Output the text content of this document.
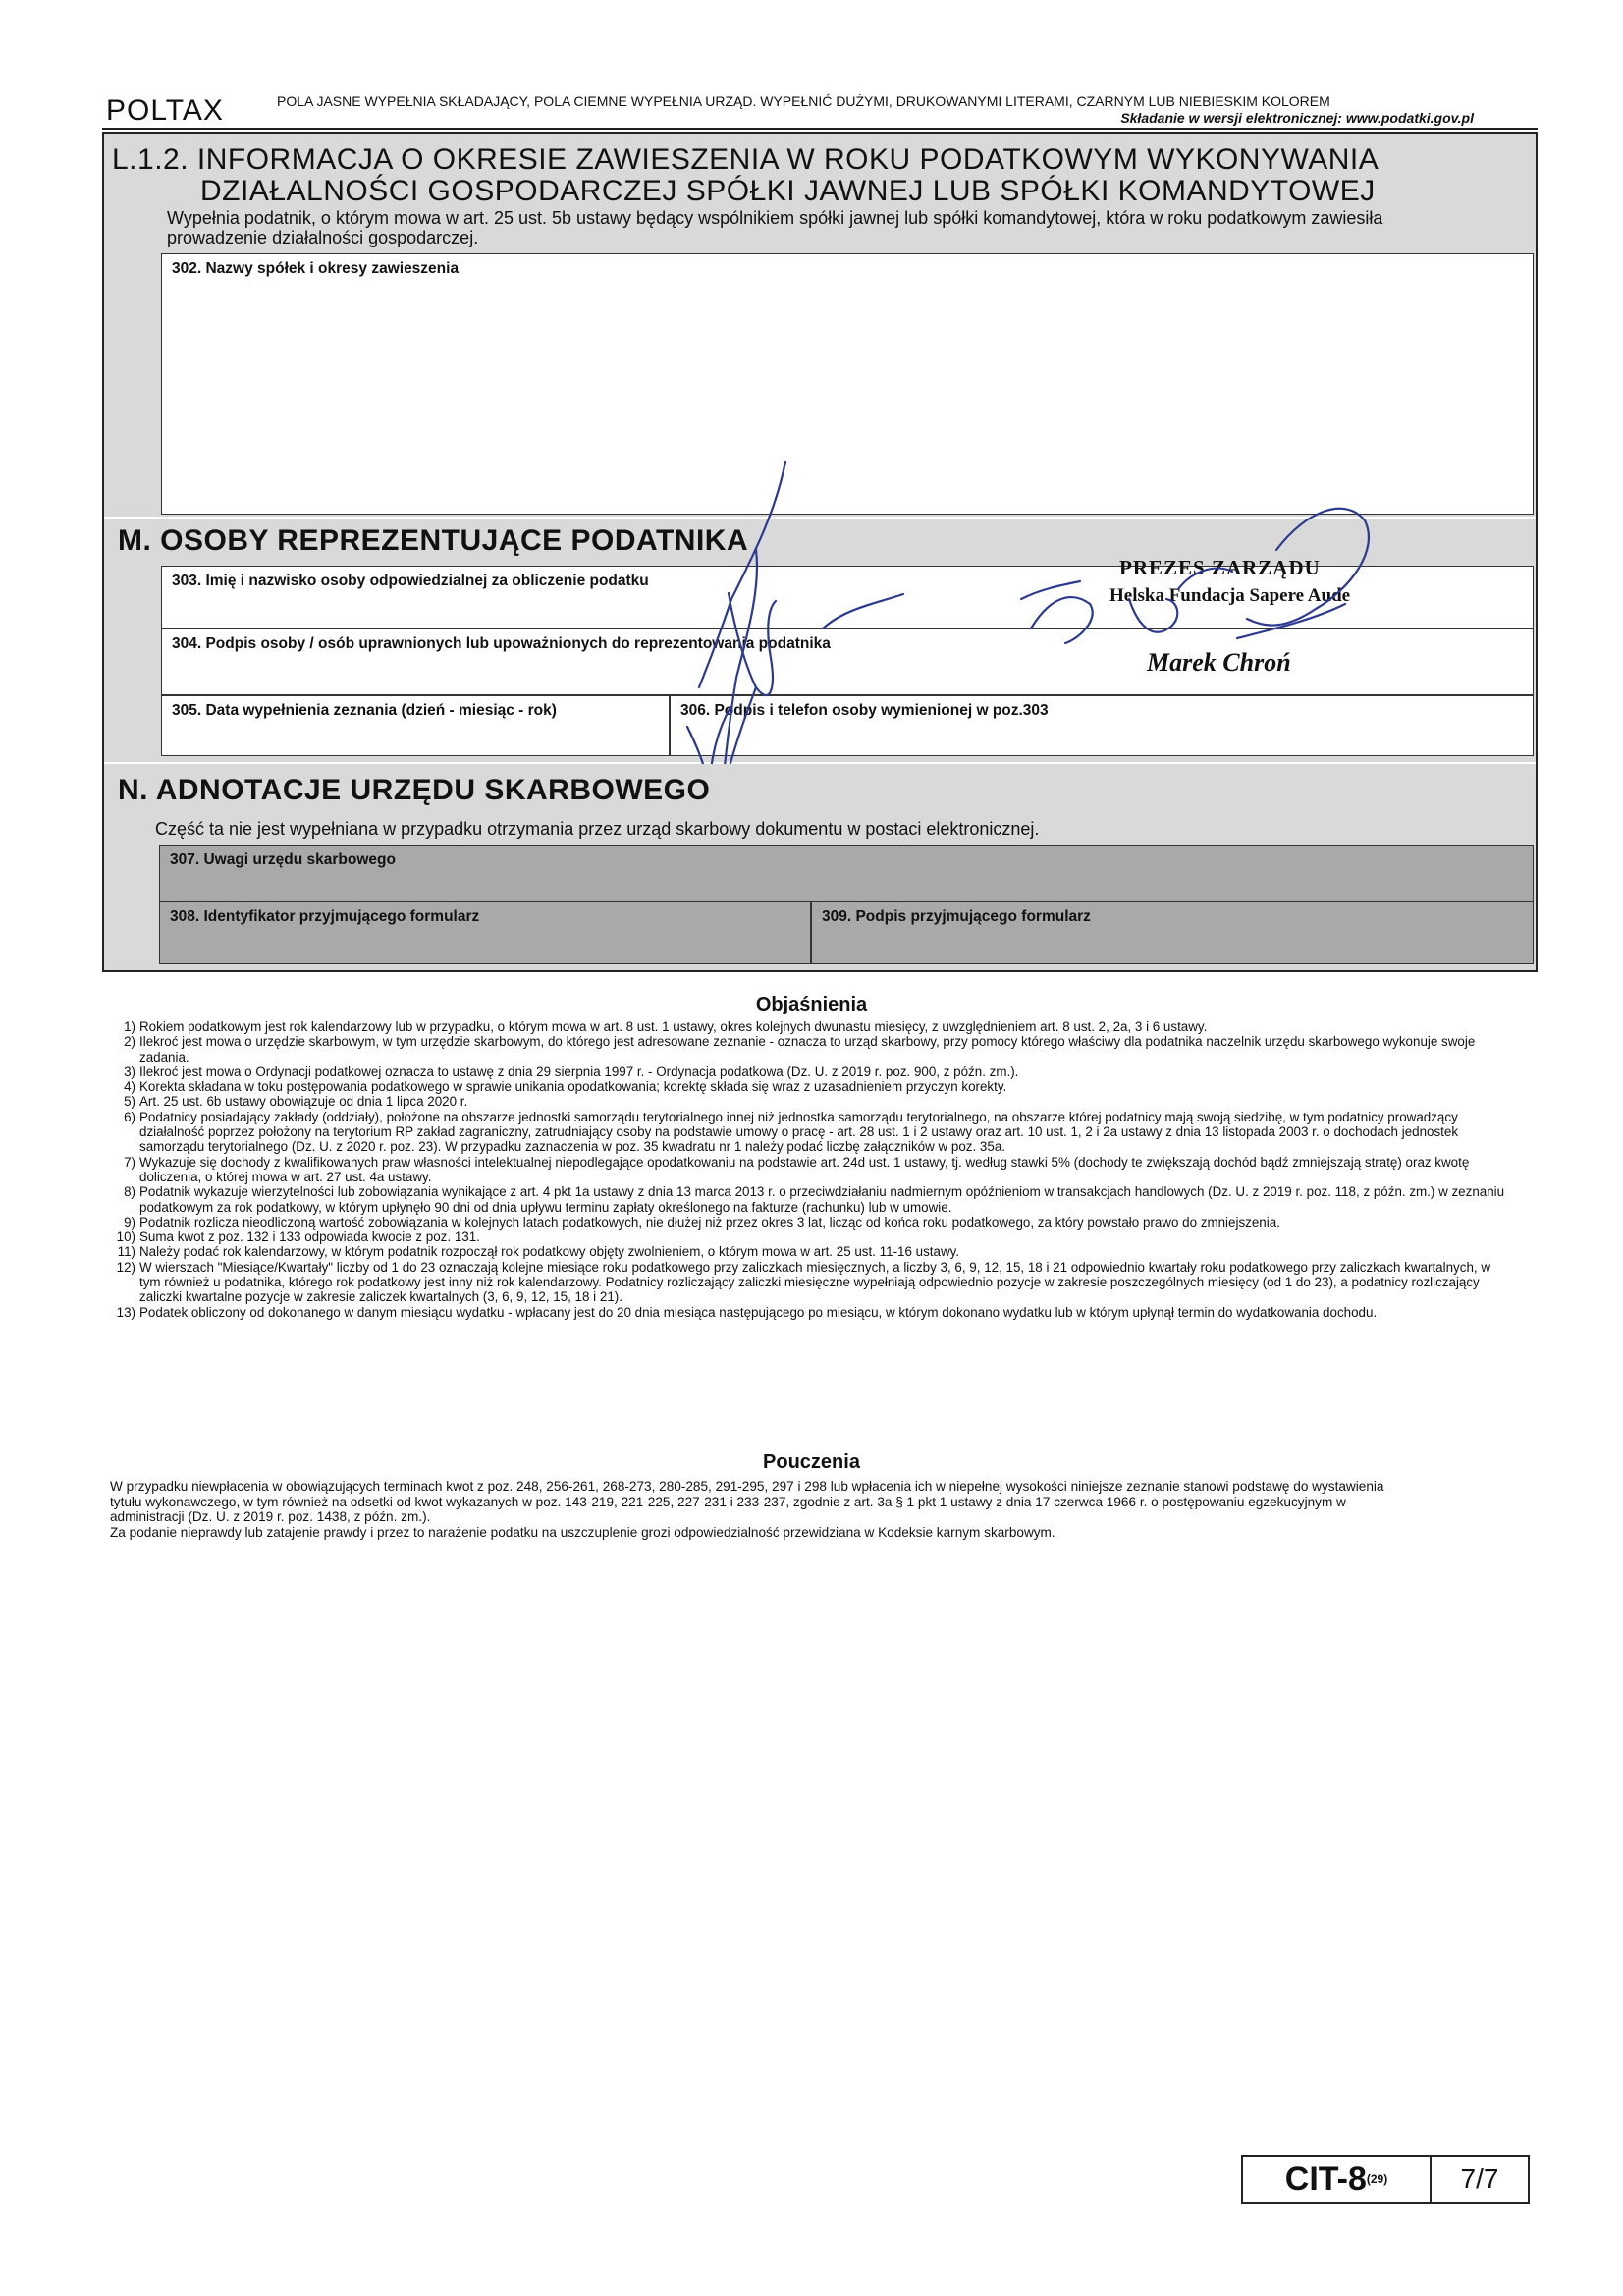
POLTAX	POLA JASNE WYPEŁNIA SKŁADAJĄCY, POLA CIEMNE WYPEŁNIA URZĄD. WYPEŁNIĆ DUŻYMI, DRUKOWANYMI LITERAMI, CZARNYM LUB NIEBIESKIM KOLOREM
Składanie w wersji elektronicznej: www.podatki.gov.pl
L.1.2. INFORMACJA O OKRESIE ZAWIESZENIA W ROKU PODATKOWYM WYKONYWANIA
DZIAŁALNOŚCI GOSPODARCZEJ SPÓŁKI JAWNEJ LUB SPÓŁKI KOMANDYTOWEJ
Wypełnia podatnik, o którym mowa w art. 25 ust. 5b ustawy będący wspólnikiem spółki jawnej lub spółki komandytowej, która w roku podatkowym zawiesiła prowadzenie działalności gospodarczej.
302. Nazwy spółek i okresy zawieszenia
M. OSOBY REPREZENTUJĄCE PODATNIKA
303. Imię i nazwisko osoby odpowiedzialnej za obliczenie podatku
304. Podpis osoby / osób uprawnionych lub upoważnionych do reprezentowania podatnika
305. Data wypełnienia zeznania (dzień - miesiąc - rok)	306. Podpis i telefon osoby wymienionej w poz.303
PREZES ZARZĄDU
Helska Fundacja Sapere Aude
Marek Chroń
N. ADNOTACJE URZĘDU SKARBOWEGO
Część ta nie jest wypełniana w przypadku otrzymania przez urząd skarbowy dokumentu w postaci elektronicznej.
307. Uwagi urzędu skarbowego
308. Identyfikator przyjmującego formularz	309. Podpis przyjmującego formularz
Objaśnienia
1) Rokiem podatkowym jest rok kalendarzowy lub w przypadku, o którym mowa w art. 8 ust. 1 ustawy, okres kolejnych dwunastu miesięcy, z uwzględnieniem art. 8 ust. 2, 2a, 3 i 6 ustawy.
2) Ilekroć jest mowa o urzędzie skarbowym, w tym urzędzie skarbowym, do którego jest adresowane zeznanie - oznacza to urząd skarbowy, przy pomocy którego właściwy dla podatnika naczelnik urzędu skarbowego wykonuje swoje zadania.
3) Ilekroć jest mowa o Ordynacji podatkowej oznacza to ustawę z dnia 29 sierpnia 1997 r. - Ordynacja podatkowa (Dz. U. z 2019 r. poz. 900, z późn. zm.).
4) Korekta składana w toku postępowania podatkowego w sprawie unikania opodatkowania; korektę składa się wraz z uzasadnieniem przyczyn korekty.
5) Art. 25 ust. 6b ustawy obowiązuje od dnia 1 lipca 2020 r.
6) Podatnicy posiadający zakłady (oddziały), położone na obszarze jednostki samorządu terytorialnego innej niż jednostka samorządu terytorialnego, na obszarze której podatnicy mają swoją siedzibę, w tym podatnicy prowadzący działalność poprzez położony na terytorium RP zakład zagraniczny, zatrudniający osoby na podstawie umowy o pracę - art. 28 ust. 1 i 2 ustawy oraz art. 10 ust. 1, 2 i 2a ustawy z dnia 13 listopada 2003 r. o dochodach jednostek samorządu terytorialnego (Dz. U. z 2020 r. poz. 23). W przypadku zaznaczenia w poz. 35 kwadratu nr 1 należy podać liczbę załączników w poz. 35a.
7) Wykazuje się dochody z kwalifikowanych praw własności intelektualnej niepodlegające opodatkowaniu na podstawie art. 24d ust. 1 ustawy, tj. według stawki 5% (dochody te zwiększają dochód bądź zmniejszają stratę) oraz kwotę doliczenia, o której mowa w art. 27 ust. 4a ustawy.
8) Podatnik wykazuje wierzytelności lub zobowiązania wynikające z art. 4 pkt 1a ustawy z dnia 13 marca 2013 r. o przeciwdziałaniu nadmiernym opóźnieniom w transakcjach handlowych (Dz. U. z 2019 r. poz. 118, z późn. zm.) w zeznaniu podatkowym za rok podatkowy, w którym upłynęło 90 dni od dnia upływu terminu zapłaty określonego na fakturze (rachunku) lub w umowie.
9) Podatnik rozlicza nieodliczoną wartość zobowiązania w kolejnych latach podatkowych, nie dłużej niż przez okres 3 lat, licząc od końca roku podatkowego, za który powstało prawo do zmniejszenia.
10) Suma kwot z poz. 132 i 133 odpowiada kwocie z poz. 131.
11) Należy podać rok kalendarzowy, w którym podatnik rozpoczął rok podatkowy objęty zwolnieniem, o którym mowa w art. 25 ust. 11-16 ustawy.
12) W wierszach "Miesiące/Kwartały" liczby od 1 do 23 oznaczają kolejne miesiące roku podatkowego przy zaliczkach miesięcznych, a liczby 3, 6, 9, 12, 15, 18 i 21 odpowiednio kwartały roku podatkowego przy zaliczkach kwartalnych, w tym również u podatnika, którego rok podatkowy jest inny niż rok kalendarzowy. Podatnicy rozliczający zaliczki miesięczne wypełniają odpowiednio pozycje w zakresie poszczególnych miesięcy (od 1 do 23), a podatnicy rozliczający zaliczki kwartalne pozycje w zakresie zaliczek kwartalnych (3, 6, 9, 12, 15, 18 i 21).
13) Podatek obliczony od dokonanego w danym miesiącu wydatku - wpłacany jest do 20 dnia miesiąca następującego po miesiącu, w którym dokonano wydatku lub w którym upłynął termin do wydatkowania dochodu.
Pouczenia
W przypadku niewpłacenia w obowiązujących terminach kwot z poz. 248, 256-261, 268-273, 280-285, 291-295, 297 i 298 lub wpłacenia ich w niepełnej wysokości niniejsze zeznanie stanowi podstawę do wystawienia tytułu wykonawczego, w tym również na odsetki od kwot wykazanych w poz. 143-219, 221-225, 227-231 i 233-237, zgodnie z art. 3a § 1 pkt 1 ustawy z dnia 17 czerwca 1966 r. o postępowaniu egzekucyjnym w administracji (Dz. U. z 2019 r. poz. 1438, z późn. zm.).
Za podanie nieprawdy lub zatajenie prawdy i przez to narażenie podatku na uszczuplenie grozi odpowiedzialność przewidziana w Kodeksie karnym skarbowym.
CIT-8 (29)	7/7
